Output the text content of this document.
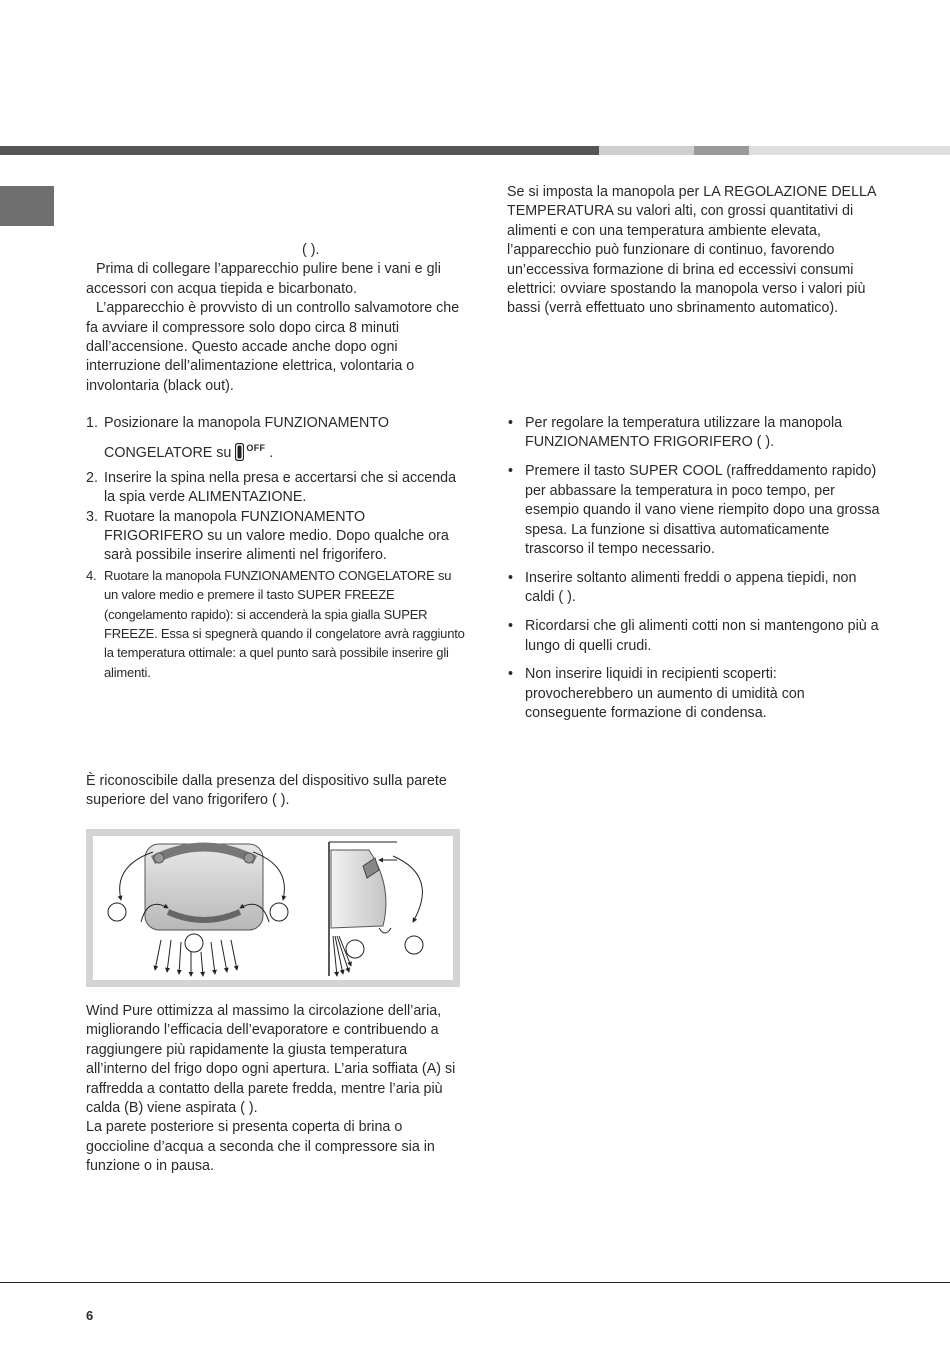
( ).

Prima di collegare l’apparecchio pulire bene i vani e gli accessori con acqua tiepida e bicarbonato.

L’apparecchio è provvisto di un controllo salvamotore che fa avviare il compressore solo dopo circa 8 minuti dall’accensione. Questo accade anche dopo ogni interruzione dell’alimentazione elettrica, volontaria o involontaria (black out).

1. Posizionare la manopola FUNZIONAMENTO
CONGELATORE su $^{OFF}$ .
2. Inserire la spina nella presa e accertarsi che si accenda la spia verde ALIMENTAZIONE.
3. Ruotare la manopola FUNZIONAMENTO FRIGORIFERO su un valore medio. Dopo qualche ora sarà possibile inserire alimenti nel frigorifero.
4. Ruotare la manopola FUNZIONAMENTO CONGELATORE su un valore medio e premere il tasto SUPER FREEZE (congelamento rapido): si accenderà la spia gialla SUPER FREEZE. Essa si spegnerà quando il congelatore avrà raggiunto la temperatura ottimale: a quel punto sarà possibile inserire gli alimenti.

È riconoscibile dalla presenza del dispositivo sulla parete superiore del vano frigorifero ( ).

Wind Pure ottimizza al massimo la circolazione dell’aria, migliorando l’efficacia dell’evaporatore e contribuendo a raggiungere più rapidamente la giusta temperatura all’interno del frigo dopo ogni apertura. L’aria soffiata (A) si raffredda a contatto della parete fredda, mentre l’aria più calda (B) viene aspirata ( ).

La parete posteriore si presenta coperta di brina o goccioline d’acqua a seconda che il compressore sia in funzione o in pausa.

Se si imposta la manopola per LA REGOLAZIONE DELLA TEMPERATURA su valori alti, con grossi quantitativi di alimenti e con una temperatura ambiente elevata, l’apparecchio può funzionare di continuo, favorendo un’eccessiva formazione di brina ed eccessivi consumi elettrici: ovviare spostando la manopola verso i valori più bassi (verrà effettuato uno sbrinamento automatico).

• Per regolare la temperatura utilizzare la manopola FUNZIONAMENTO FRIGORIFERO ( ).
• Premere il tasto SUPER COOL (raffreddamento rapido) per abbassare la temperatura in poco tempo, per esempio quando il vano viene riempito dopo una grossa spesa. La funzione si disattiva automaticamente trascorso il tempo necessario.
• Inserire soltanto alimenti freddi o appena tiepidi, non caldi ( ).
• Ricordarsi che gli alimenti cotti non si mantengono più a lungo di quelli crudi.
• Non inserire liquidi in recipienti scoperti: provocherebbero un aumento di umidità con conseguente formazione di condensa.
6
